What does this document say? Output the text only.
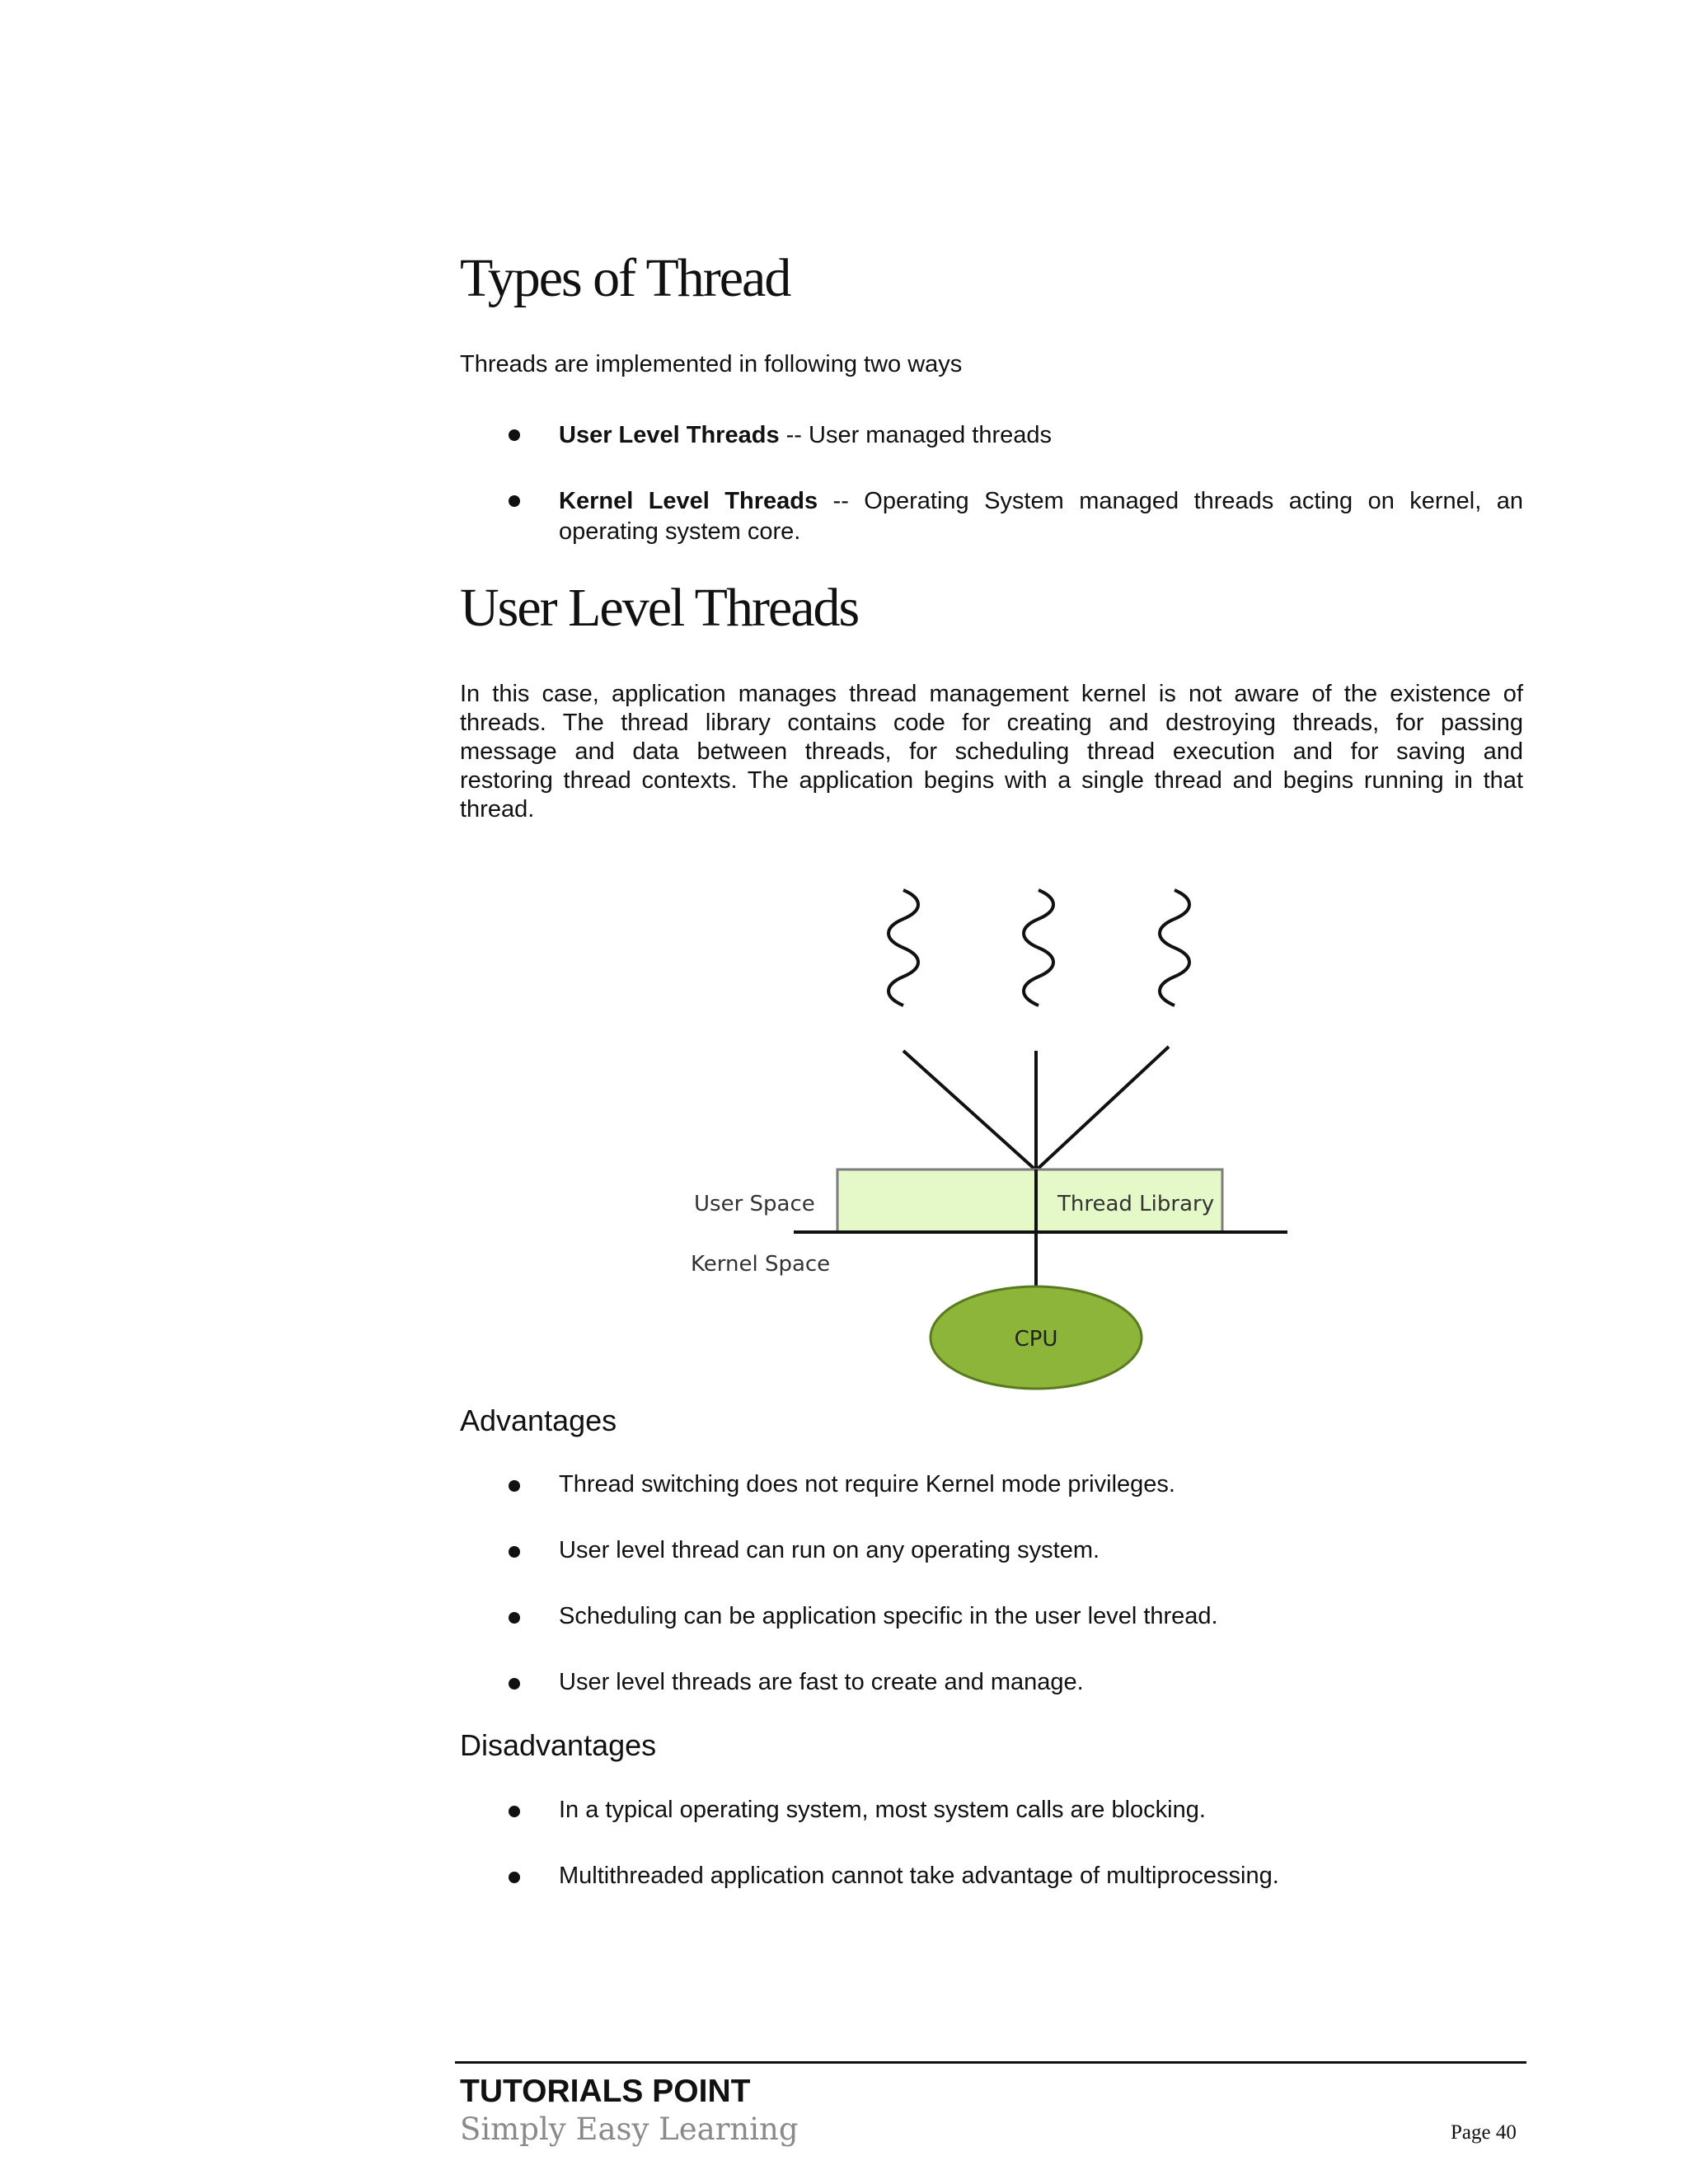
Types of Thread

Threads are implemented in following two ways

User Level Threads -- User managed threads

Kernel Level Threads -- Operating System managed threads acting on kernel, an

operating system core.

User Level Threads

In this case, application manages thread management kernel is not aware of the existence of

threads. The thread library contains code for creating and destroying threads, for passing

message and data between threads, for scheduling thread execution and for saving and

restoring thread contexts. The application begins with a single thread and begins running in that

thread.

User Space	Thread Library
Kernel Space
CPU
Advantages

Thread switching does not require Kernel mode privileges.

User level thread can run on any operating system.

Scheduling can be application specific in the user level thread.

User level threads are fast to create and manage.

Disadvantages

In a typical operating system, most system calls are blocking.

Multithreaded application cannot take advantage of multiprocessing.

TUTORIALS POINT
Simply Easy Learning	Page 40
